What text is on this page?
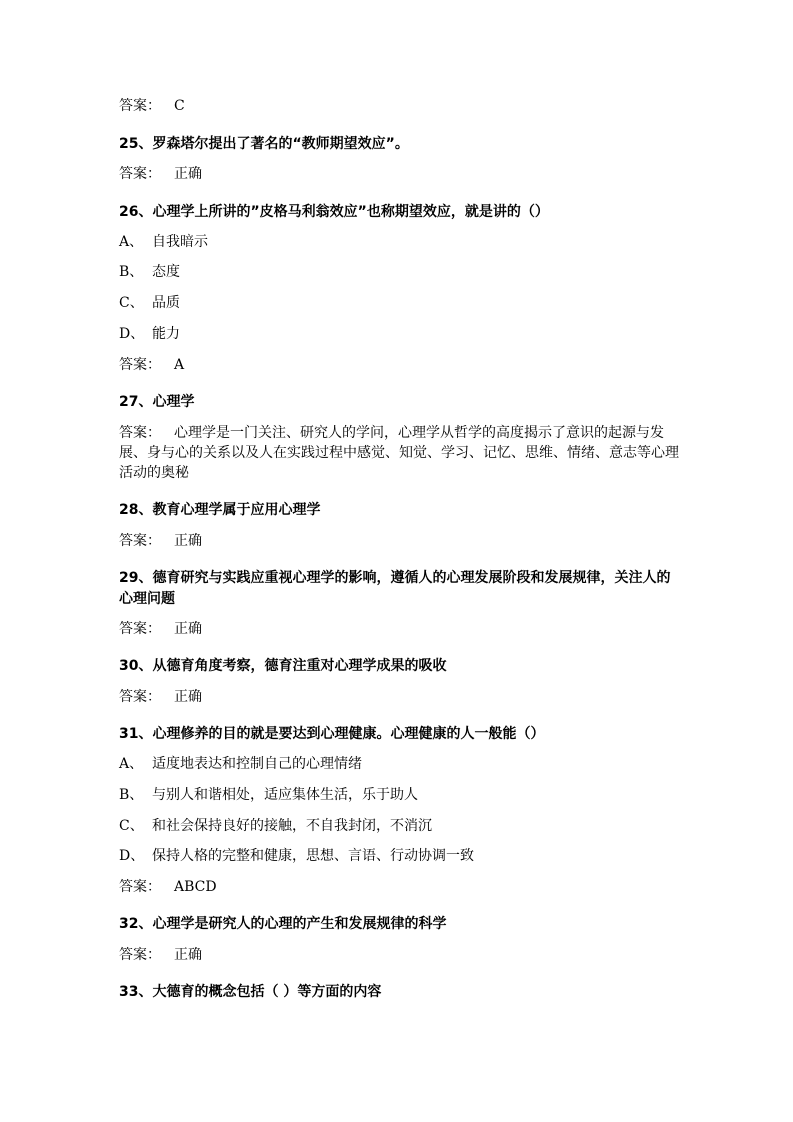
答案： C
25、罗森塔尔提出了著名的“教师期望效应”。
答案： 正确
26、心理学上所讲的”皮格马利翁效应”也称期望效应，就是讲的（）
A、 自我暗示
B、 态度
C、 品质
D、 能力
答案： A
27、心理学
答案： 心理学是一门关注、研究人的学问，心理学从哲学的高度揭示了意识的起源与发展、身与心的关系以及人在实践过程中感觉、知觉、学习、记忆、思维、情绪、意志等心理活动的奥秘
28、教育心理学属于应用心理学
答案： 正确
29、德育研究与实践应重视心理学的影响，遵循人的心理发展阶段和发展规律，关注人的心理问题
答案： 正确
30、从德育角度考察，德育注重对心理学成果的吸收
答案： 正确
31、心理修养的目的就是要达到心理健康。心理健康的人一般能（）
A、 适度地表达和控制自己的心理情绪
B、 与别人和谐相处，适应集体生活，乐于助人
C、 和社会保持良好的接触，不自我封闭，不消沉
D、 保持人格的完整和健康，思想、言语、行动协调一致
答案： ABCD
32、心理学是研究人的心理的产生和发展规律的科学
答案： 正确
33、大德育的概念包括（ ）等方面的内容
